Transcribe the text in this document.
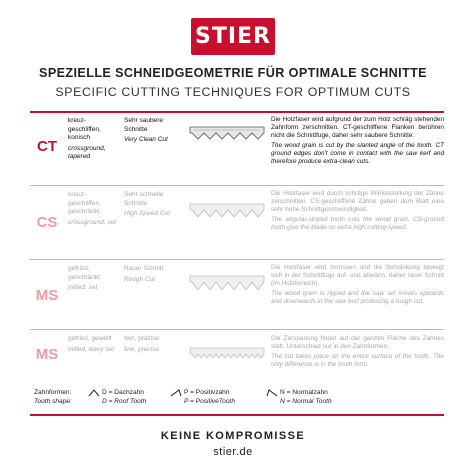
STIER
SPEZIELLE SCHNEIDGEOMETRIE FÜR OPTIMALE SCHNITTE
SPECIFIC CUTTING TECHNIQUES FOR OPTIMUM CUTS
CT
kreuz-geschliffen, konisch
crossground, tapered
Sehr saubere Schnitte
Very Clean Cut
Die Holzfaser wird aufgrund der zum Holz schräg stehenden Zahnform zerschnitten. CT-geschliffene Flanken berühren nicht die Schnittfuge, daher sehr saubere Schnitte.
The wood grain is cut by the slanted angle of the tooth. CT ground edges don't come in contact with the saw kerf and therefore produce extra-clean cuts.
CS
kreuz-geschliffen, geschränkt
crossground, set
Sehr schnelle Schnitte
High Speed Cut
Die Holzfaser wird durch schräge Winkelstellung der Zähne zerschnitten. CS-geschliffene Zähne geben dem Blatt eine sehr hohe Schnittgeschwindigkeit.
The angular-sloped tooth cuts the wood grain. CS-ground tooth give the blade on extra high cutting-speed.
MS
gefräst, geschränkt
milled, set
Rauer Schnitt
Rough Cut
Die Holzfaser wird zerrissen und die Schränkung bewegt sich in der Schnittfuge auf- und abwärts, daher rauer Schnitt (im Holzbereich).
The wood grain is ripped and the saw set moves upwards and downwards in the saw kerf producing a rough cut.
MS
gefräst, gewellt
milled, wavy set
fein, präzise
fine, precise
Die Zerspanung findet auf der ganzen Fläche des Zahnes statt. Unterschied nur in den Zahnformen.
The cut takes place on the entire surface of the tooth. The only difference is in the tooth form.
Zahnformen:
Tooth shape:
D = Dachzahn

D = Roof Tooth
P = Positivzahn

P = PositiveTooth
N = Normalzahn

N = Normal Tooth
KEINE KOMPROMISSE
stier.de
